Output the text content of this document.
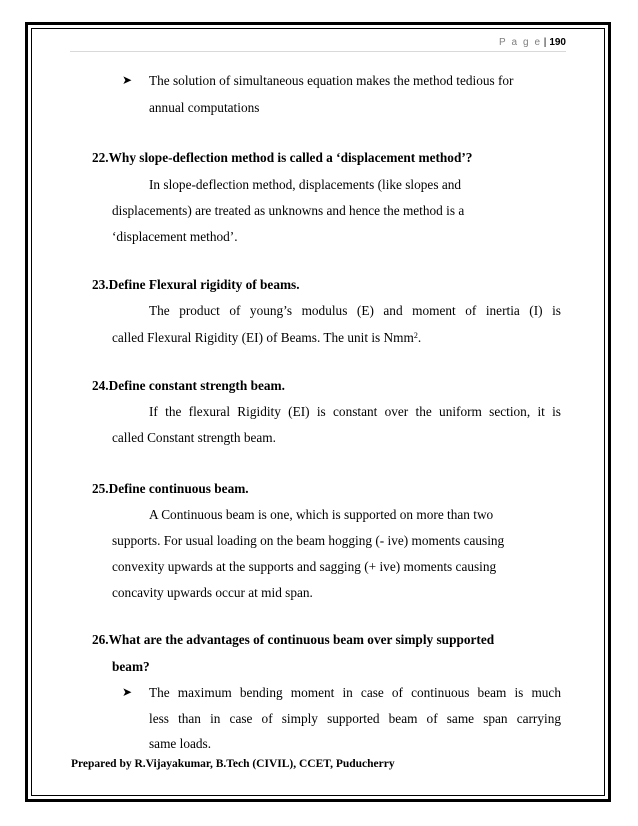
P a g e | 190
➤ The solution of simultaneous equation makes the method tedious for
annual computations
22.Why slope-deflection method is called a ‘displacement method’?
In slope-deflection method, displacements (like slopes and
displacements) are treated as unknowns and hence the method is a
‘displacement method’.
23.Define Flexural rigidity of beams.
The product of young’s modulus (E) and moment of inertia (I) is
called Flexural Rigidity (EI) of Beams. The unit is Nmm$^2$.
24.Define constant strength beam.
If the flexural Rigidity (EI) is constant over the uniform section, it is
called Constant strength beam.
25.Define continuous beam.
A Continuous beam is one, which is supported on more than two
supports. For usual loading on the beam hogging (- ive) moments causing
convexity upwards at the supports and sagging (+ ive) moments causing
concavity upwards occur at mid span.
26.What are the advantages of continuous beam over simply supported
beam?
➤ The maximum bending moment in case of continuous beam is much
less than in case of simply supported beam of same span carrying
same loads.
Prepared by R.Vijayakumar, B.Tech (CIVIL), CCET, Puducherry
